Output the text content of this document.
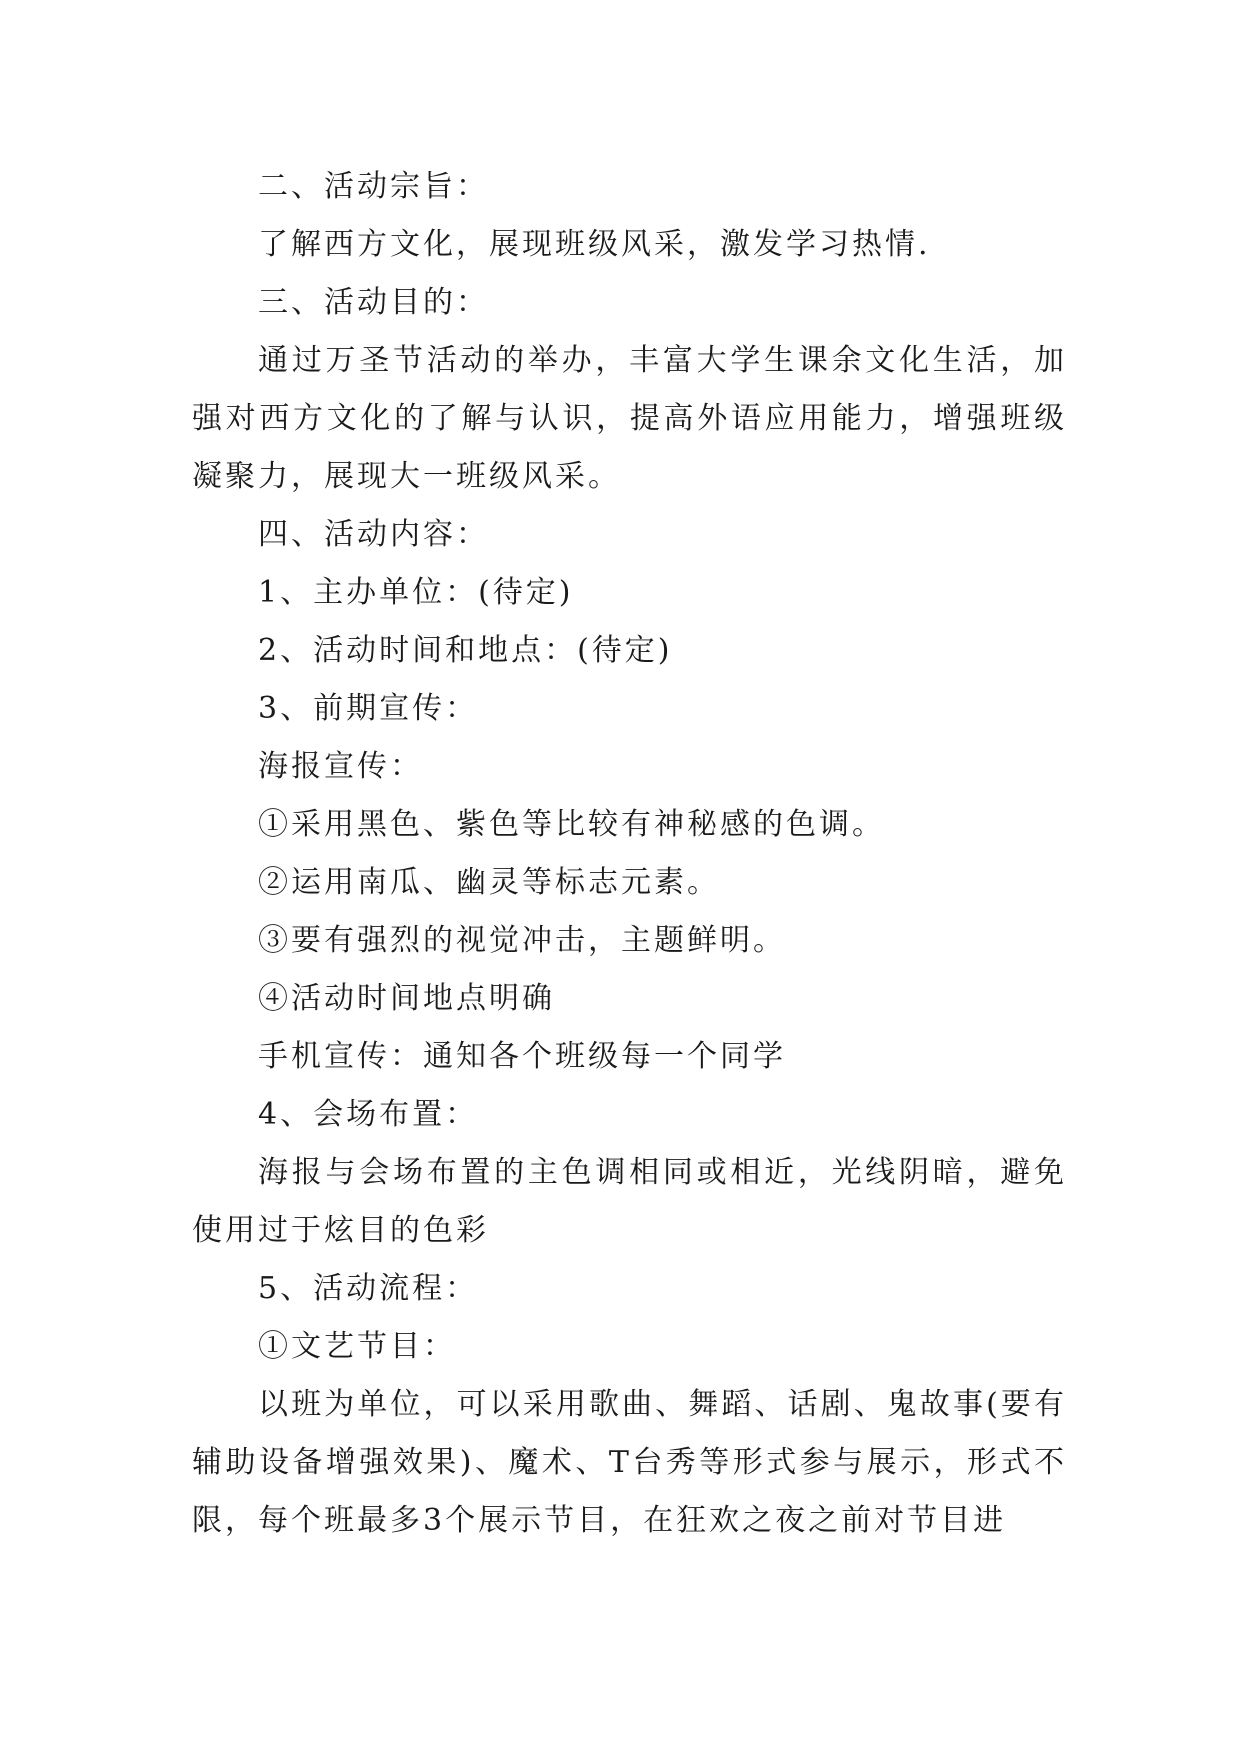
二、活动宗旨：

了解西方文化，展现班级风采，激发学习热情.

三、活动目的：

通过万圣节活动的举办，丰富大学生课余文化生活，加强对西方文化的了解与认识，提高外语应用能力，增强班级凝聚力，展现大一班级风采。

四、活动内容：

1、主办单位：(待定)

2、活动时间和地点：(待定)

3、前期宣传：

海报宣传：

①采用黑色、紫色等比较有神秘感的色调。

②运用南瓜、幽灵等标志元素。

③要有强烈的视觉冲击，主题鲜明。

④活动时间地点明确

手机宣传：通知各个班级每一个同学

4、会场布置：

海报与会场布置的主色调相同或相近，光线阴暗，避免使用过于炫目的色彩

5、活动流程：

①文艺节目：

以班为单位，可以采用歌曲、舞蹈、话剧、鬼故事(要有辅助设备增强效果)、魔术、T台秀等形式参与展示，形式不限，每个班最多3个展示节目，在狂欢之夜之前对节目进
